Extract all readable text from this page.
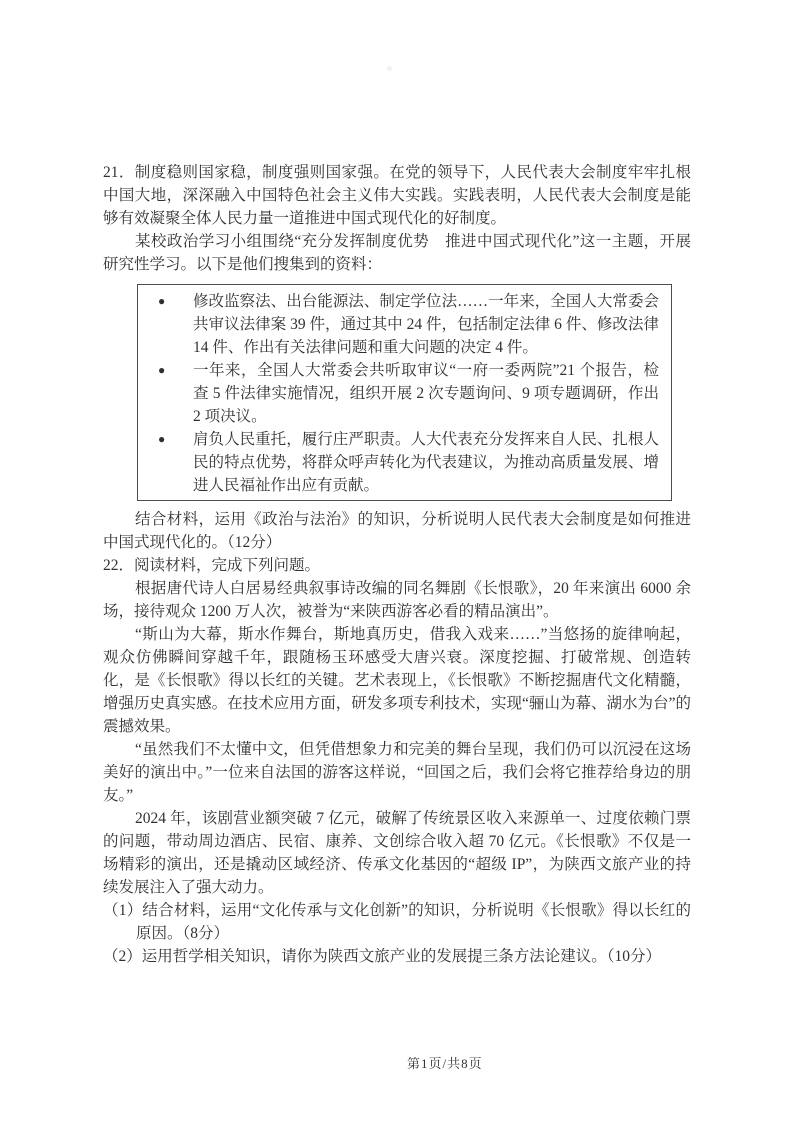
21．制度稳则国家稳，制度强则国家强。在党的领导下，人民代表大会制度牢牢扎根中国大地，深深融入中国特色社会主义伟大实践。实践表明，人民代表大会制度是能够有效凝聚全体人民力量一道推进中国式现代化的好制度。

某校政治学习小组围绕“充分发挥制度优势　推进中国式现代化”这一主题，开展研究性学习。以下是他们搜集到的资料：

● 修改监察法、出台能源法、制定学位法……一年来，全国人大常委会共审议法律案 39 件，通过其中 24 件，包括制定法律 6 件、修改法律 14 件、作出有关法律问题和重大问题的决定 4 件。
● 一年来，全国人大常委会共听取审议“一府一委两院”21 个报告，检查 5 件法律实施情况，组织开展 2 次专题询问、9 项专题调研，作出 2 项决议。
● 肩负人民重托，履行庄严职责。人大代表充分发挥来自人民、扎根人民的特点优势，将群众呼声转化为代表建议，为推动高质量发展、增进人民福祉作出应有贡献。

结合材料，运用《政治与法治》的知识，分析说明人民代表大会制度是如何推进中国式现代化的。（12分）

22．阅读材料，完成下列问题。

根据唐代诗人白居易经典叙事诗改编的同名舞剧《长恨歌》，20 年来演出 6000 余场，接待观众 1200 万人次，被誉为“来陕西游客必看的精品演出”。

“斯山为大幕，斯水作舞台，斯地真历史，借我入戏来……”当悠扬的旋律响起，观众仿佛瞬间穿越千年，跟随杨玉环感受大唐兴衰。深度挖掘、打破常规、创造转化，是《长恨歌》得以长红的关键。艺术表现上，《长恨歌》不断挖掘唐代文化精髓，增强历史真实感。在技术应用方面，研发多项专利技术，实现“骊山为幕、湖水为台”的震撼效果。

“虽然我们不太懂中文，但凭借想象力和完美的舞台呈现，我们仍可以沉浸在这场美好的演出中。”一位来自法国的游客这样说，“回国之后，我们会将它推荐给身边的朋友。”

2024 年，该剧营业额突破 7 亿元，破解了传统景区收入来源单一、过度依赖门票的问题，带动周边酒店、民宿、康养、文创综合收入超 70 亿元。《长恨歌》不仅是一场精彩的演出，还是撬动区域经济、传承文化基因的“超级 IP”，为陕西文旅产业的持续发展注入了强大动力。

（1）结合材料，运用“文化传承与文化创新”的知识，分析说明《长恨歌》得以长红的原因。（8分）

（2）运用哲学相关知识，请你为陕西文旅产业的发展提三条方法论建议。（10分）

第1页/共8页
